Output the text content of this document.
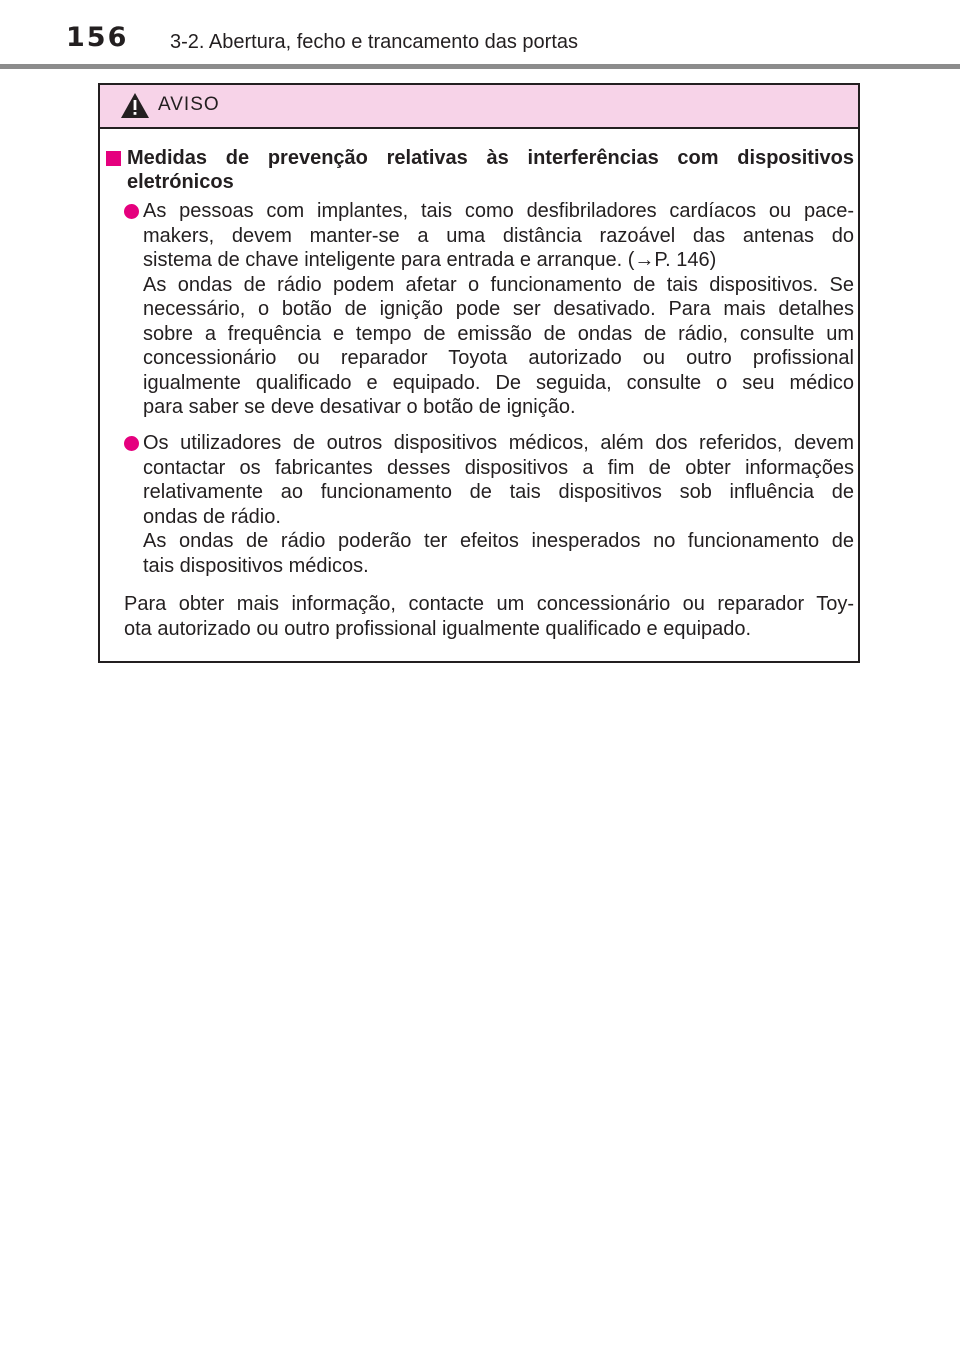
156 3-2. Abertura, fecho e trancamento das portas
AVISO
Medidas de prevenção relativas às interferências com dispositivos
eletrónicos
As pessoas com implantes, tais como desfibriladores cardíacos ou pace-
makers, devem manter-se a uma distância razoável das antenas do
sistema de chave inteligente para entrada e arranque. (→P. 146)
As ondas de rádio podem afetar o funcionamento de tais dispositivos. Se
necessário, o botão de ignição pode ser desativado. Para mais detalhes
sobre a frequência e tempo de emissão de ondas de rádio, consulte um
concessionário ou reparador Toyota autorizado ou outro profissional
igualmente qualificado e equipado. De seguida, consulte o seu médico
para saber se deve desativar o botão de ignição.
Os utilizadores de outros dispositivos médicos, além dos referidos, devem
contactar os fabricantes desses dispositivos a fim de obter informações
relativamente ao funcionamento de tais dispositivos sob influência de
ondas de rádio.
As ondas de rádio poderão ter efeitos inesperados no funcionamento de
tais dispositivos médicos.
Para obter mais informação, contacte um concessionário ou reparador Toy-
ota autorizado ou outro profissional igualmente qualificado e equipado.
